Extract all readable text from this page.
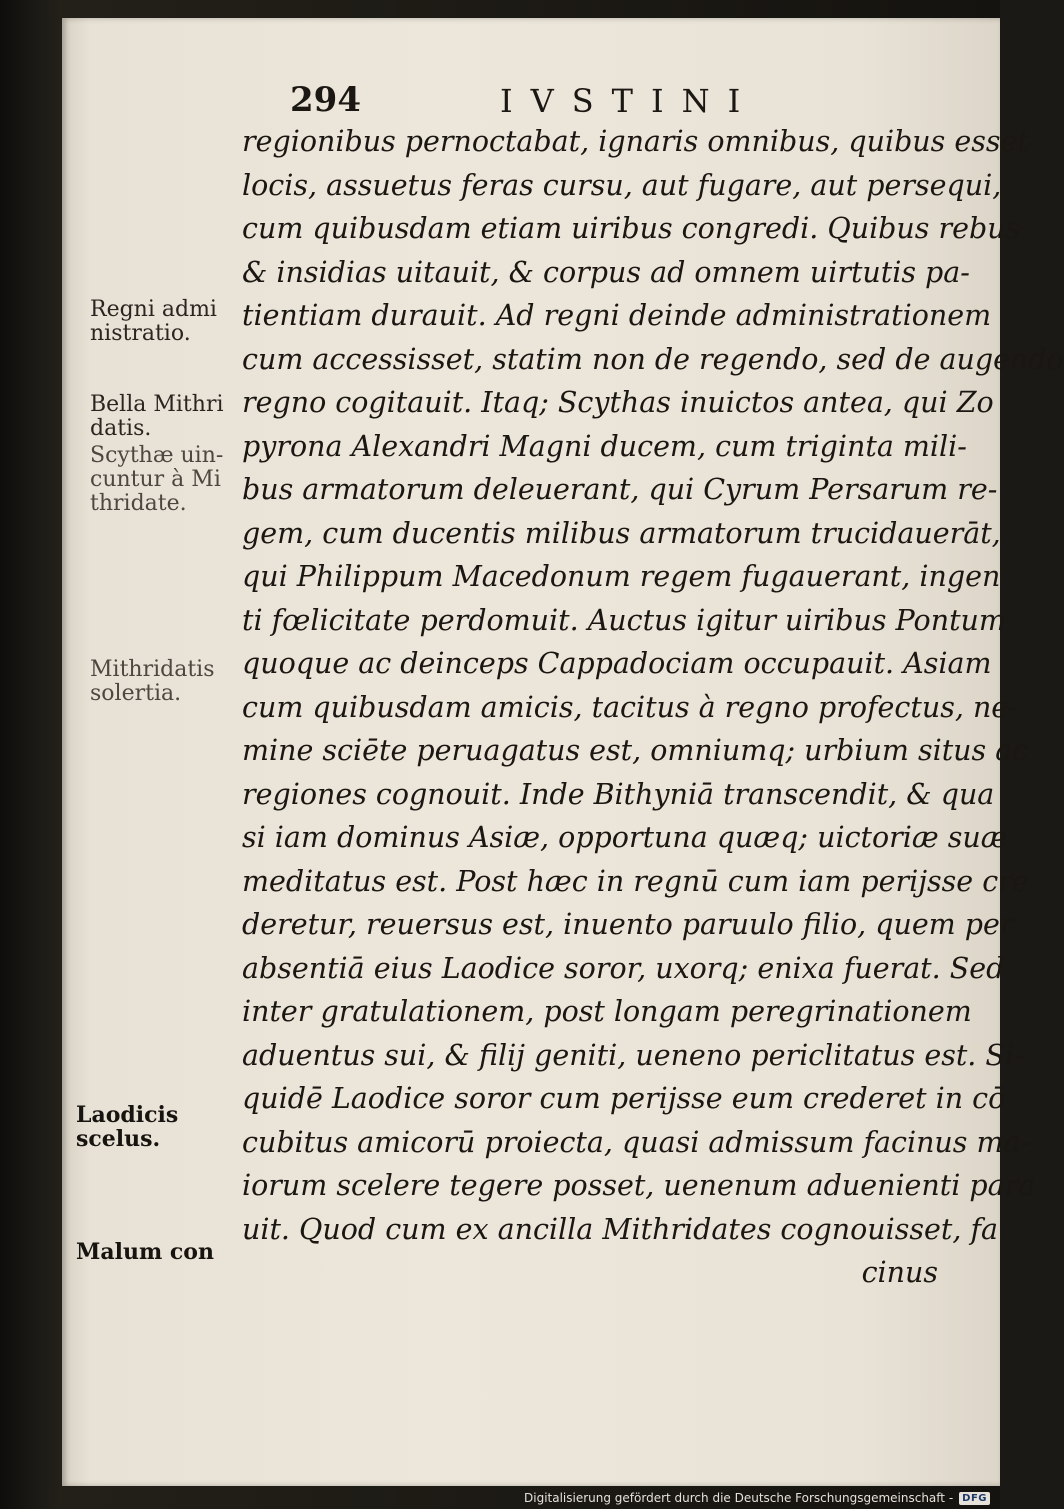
294	IVSTINI
regionibus pernoctabat, ignaris omnibus, quibus esset
locis, assuetus feras cursu, aut fugare, aut persequi,
cum quibusdam etiam uiribus congredi. Quibus rebus
& insidias uitauit, & corpus ad omnem uirtutis pa-
tientiam durauit. Ad regni deinde administrationem
cum accessisset, statim non de regendo, sed de augendo
regno cogitauit. Itaq; Scythas inuictos antea, qui Zo
pyrona Alexandri Magni ducem, cum triginta mili-
bus armatorum deleuerant, qui Cyrum Persarum re-
gem, cum ducentis milibus armatorum trucidauerāt,
qui Philippum Macedonum regem fugauerant, ingen
ti fœlicitate perdomuit. Auctus igitur uiribus Pontum
quoque ac deinceps Cappadociam occupauit. Asiam
cum quibusdam amicis, tacitus à regno profectus, ne-
mine sciēte peruagatus est, omniumq; urbium situs ac
regiones cognouit. Inde Bithyniā transcendit, & qua
si iam dominus Asiæ, opportuna quæq; uictoriæ suæ
meditatus est. Post hæc in regnū cum iam perijsse cre
deretur, reuersus est, inuento paruulo filio, quem per
absentiā eius Laodice soror, uxorq; enixa fuerat. Sed
inter gratulationem, post longam peregrinationem
aduentus sui, & filij geniti, ueneno periclitatus est. Si-
quidē Laodice soror cum perijsse eum crederet in cō
cubitus amicorū proiecta, quasi admissum facinus ma-
iorum scelere tegere posset, uenenum aduenienti para
uit. Quod cum ex ancilla Mithridates cognouisset, fa
cinus
Regni admi
nistratio.
Bella Mithri
datis.
Scythæ uin-
cuntur à Mi
thridate.
Mithridatis
solertia.
Laodicis
scelus.
Malum con
Digitalisierung gefördert durch die Deutsche Forschungsgemeinschaft - DFG
